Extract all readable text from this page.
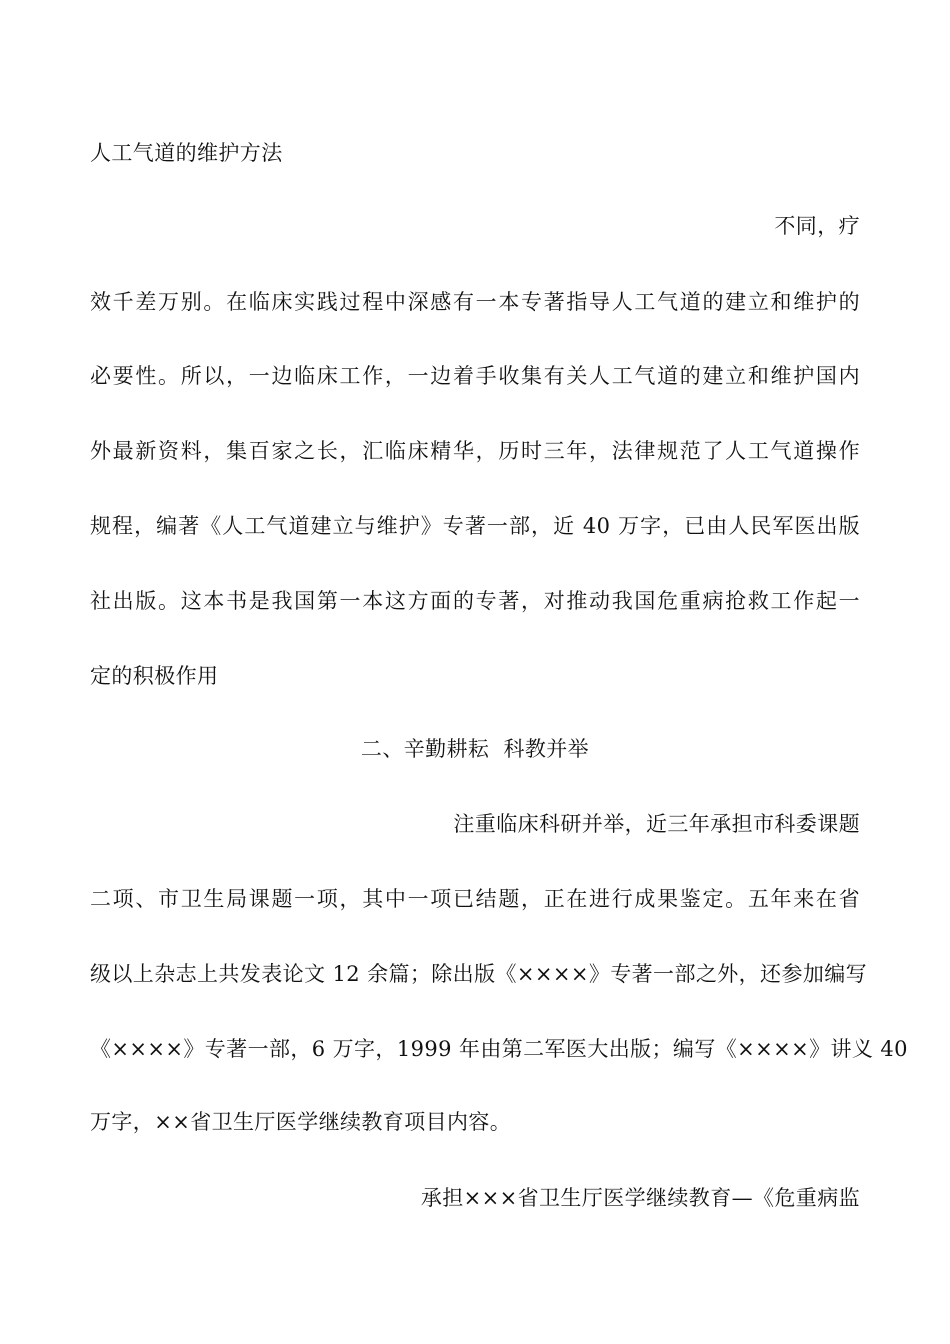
人工气道的维护方法
不同，疗
效千差万别。在临床实践过程中深感有一本专著指导人工气道的建立和维护的
必要性。所以，一边临床工作，一边着手收集有关人工气道的建立和维护国内
外最新资料，集百家之长，汇临床精华，历时三年，法律规范了人工气道操作
规程，编著《人工气道建立与维护》专著一部，近 40 万字，已由人民军医出版
社出版。这本书是我国第一本这方面的专著，对推动我国危重病抢救工作起一
定的积极作用
二、辛勤耕耘  科教并举
注重临床科研并举，近三年承担市科委课题
二项、市卫生局课题一项，其中一项已结题，正在进行成果鉴定。五年来在省
级以上杂志上共发表论文 12 余篇；除出版《××××》专著一部之外，还参加编写
《××××》专著一部，6 万字，1999 年由第二军医大出版；编写《××××》讲义 40
万字，××省卫生厅医学继续教育项目内容。
承担×××省卫生厅医学继续教育—《危重病监
